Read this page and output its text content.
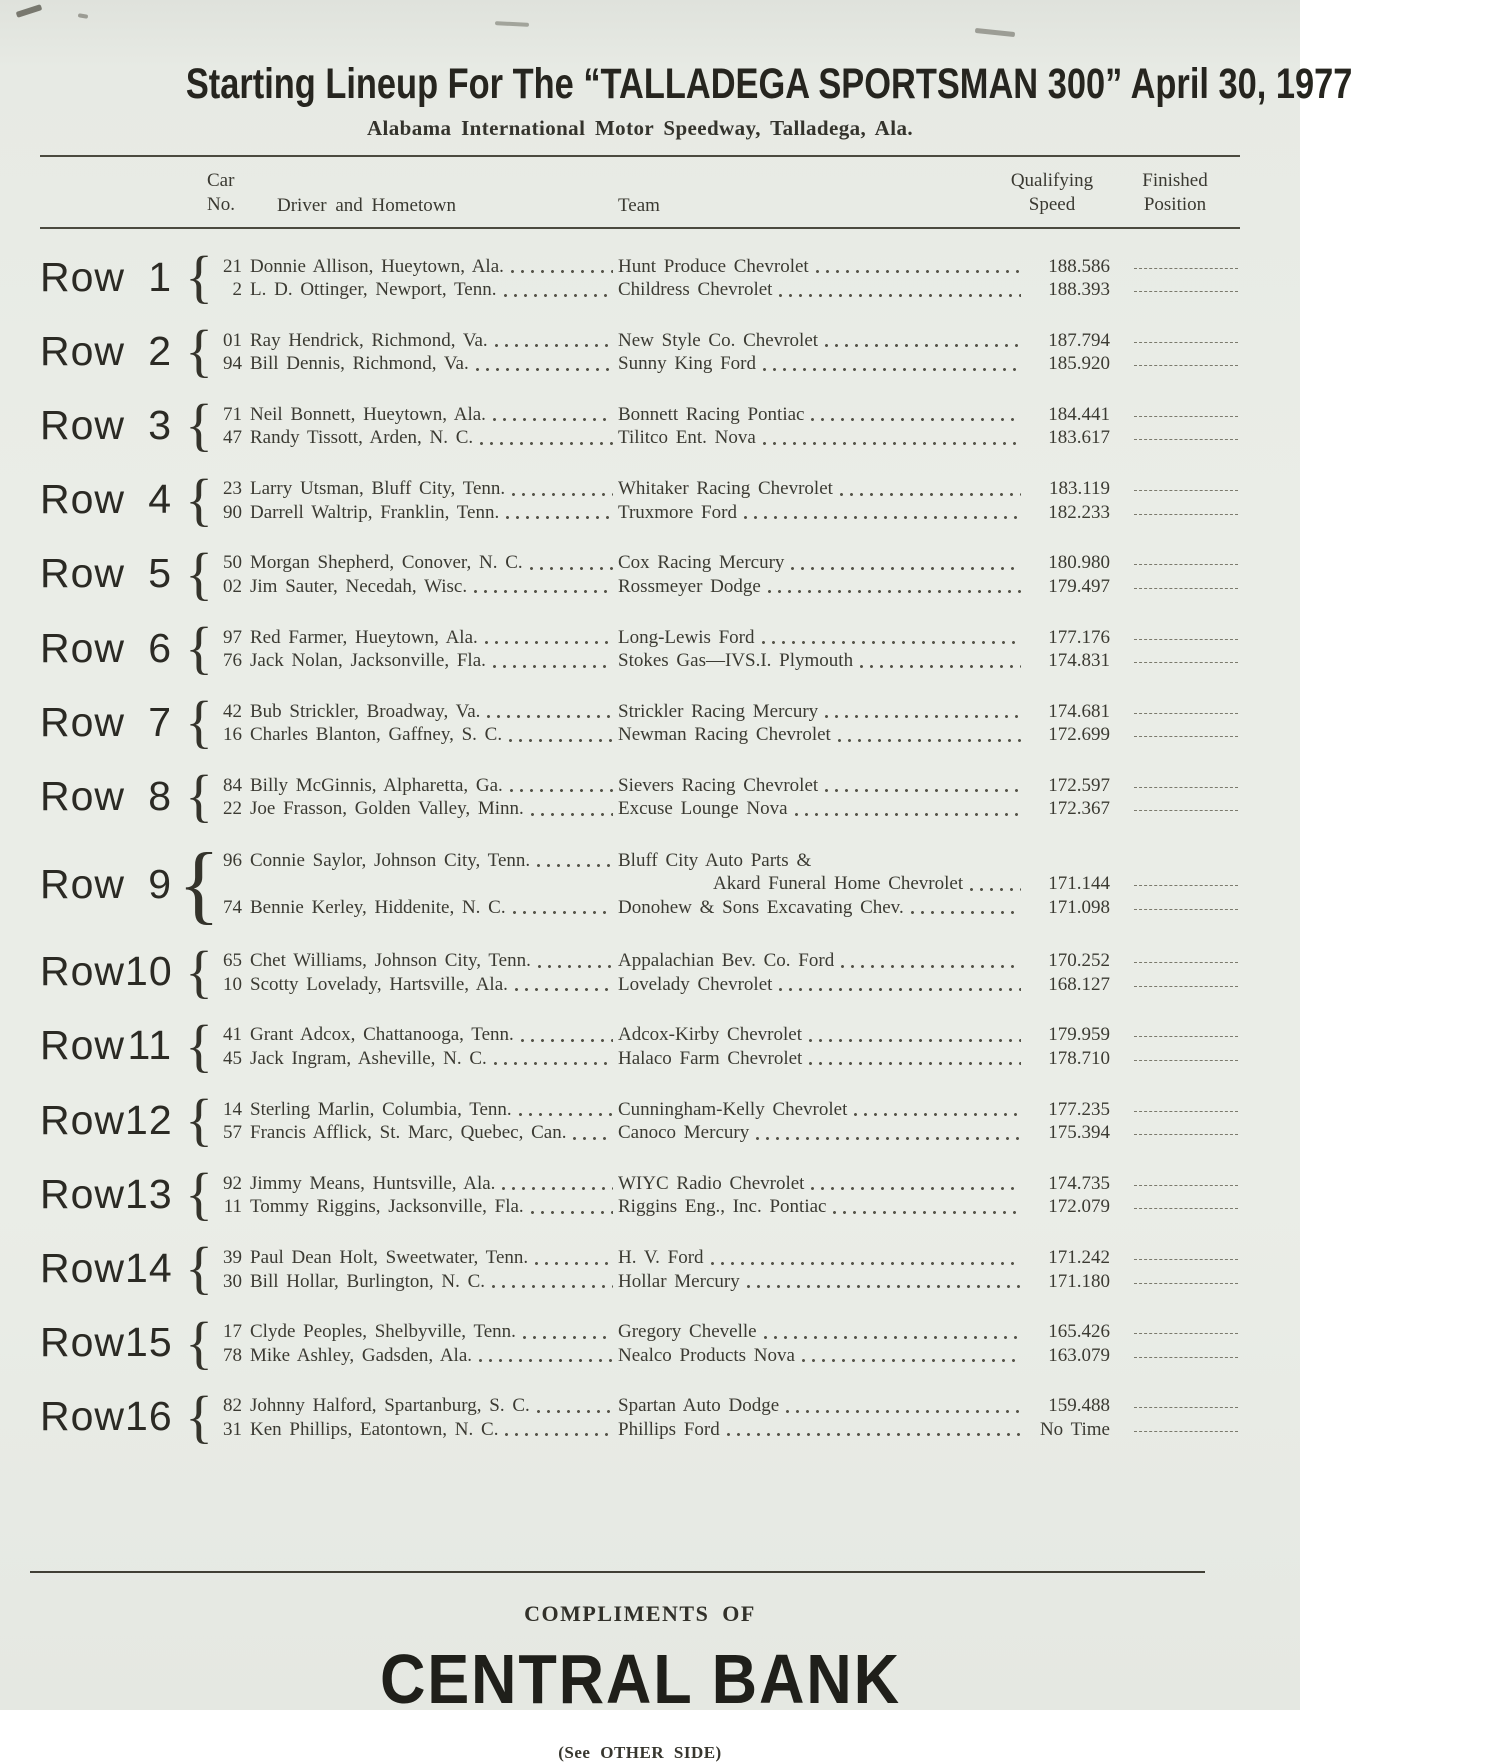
Starting Lineup For The “TALLADEGA SPORTSMAN 300” April 30, 1977
Alabama International Motor Speedway, Talladega, Ala.
Car
No.	Driver and Hometown	Team
Qualifying
Speed
Finished
Position
Row 1 {	21 Donnie Allison, Hueytown, Ala.	Hunt Produce Chevrolet	188.586
2 L. D. Ottinger, Newport, Tenn.	Childress Chevrolet	188.393
Row 2 {	01 Ray Hendrick, Richmond, Va.	New Style Co. Chevrolet	187.794
94 Bill Dennis, Richmond, Va.	Sunny King Ford	185.920
Row 3 {	71 Neil Bonnett, Hueytown, Ala.	Bonnett Racing Pontiac	184.441
47 Randy Tissott, Arden, N. C.	Tilitco Ent. Nova	183.617
Row 4 {	23 Larry Utsman, Bluff City, Tenn.	Whitaker Racing Chevrolet	183.119
90 Darrell Waltrip, Franklin, Tenn.	Truxmore Ford	182.233
Row 5 {	50 Morgan Shepherd, Conover, N. C.	Cox Racing Mercury	180.980
02 Jim Sauter, Necedah, Wisc.	Rossmeyer Dodge	179.497
Row 6 {	97 Red Farmer, Hueytown, Ala.	Long-Lewis Ford	177.176
76 Jack Nolan, Jacksonville, Fla.	Stokes Gas—IVS.I. Plymouth	174.831
Row 7 {	42 Bub Strickler, Broadway, Va.	Strickler Racing Mercury	174.681
16 Charles Blanton, Gaffney, S. C.	Newman Racing Chevrolet	172.699
Row 8 {	84 Billy McGinnis, Alpharetta, Ga.	Sievers Racing Chevrolet	172.597
22 Joe Frasson, Golden Valley, Minn.	Excuse Lounge Nova	172.367
Row 9
{
96 Connie Saylor, Johnson City, Tenn.	Bluff City Auto Parts &
Akard Funeral Home Chevrolet	171.144
74 Bennie Kerley, Hiddenite, N. C.	Donohew & Sons Excavating Chev.	171.098
Row 10 {	65 Chet Williams, Johnson City, Tenn.	Appalachian Bev. Co. Ford	170.252
10 Scotty Lovelady, Hartsville, Ala.	Lovelady Chevrolet	168.127
Row 11 {	41 Grant Adcox, Chattanooga, Tenn.	Adcox-Kirby Chevrolet	179.959
45 Jack Ingram, Asheville, N. C.	Halaco Farm Chevrolet	178.710
Row 12 {	14 Sterling Marlin, Columbia, Tenn.	Cunningham-Kelly Chevrolet	177.235
57 Francis Afflick, St. Marc, Quebec, Can.	Canoco Mercury	175.394
Row 13 {	92 Jimmy Means, Huntsville, Ala.	WIYC Radio Chevrolet	174.735
11 Tommy Riggins, Jacksonville, Fla.	Riggins Eng., Inc. Pontiac	172.079
Row 14 {	39 Paul Dean Holt, Sweetwater, Tenn.	H. V. Ford	171.242
30 Bill Hollar, Burlington, N. C.	Hollar Mercury	171.180
Row 15 {	17 Clyde Peoples, Shelbyville, Tenn.	Gregory Chevelle	165.426
78 Mike Ashley, Gadsden, Ala.	Nealco Products Nova	163.079
Row 16 {	82 Johnny Halford, Spartanburg, S. C.	Spartan Auto Dodge	159.488
31 Ken Phillips, Eatontown, N. C.	Phillips Ford	No Time
COMPLIMENTS OF
CENTRAL BANK
(See OTHER SIDE)
